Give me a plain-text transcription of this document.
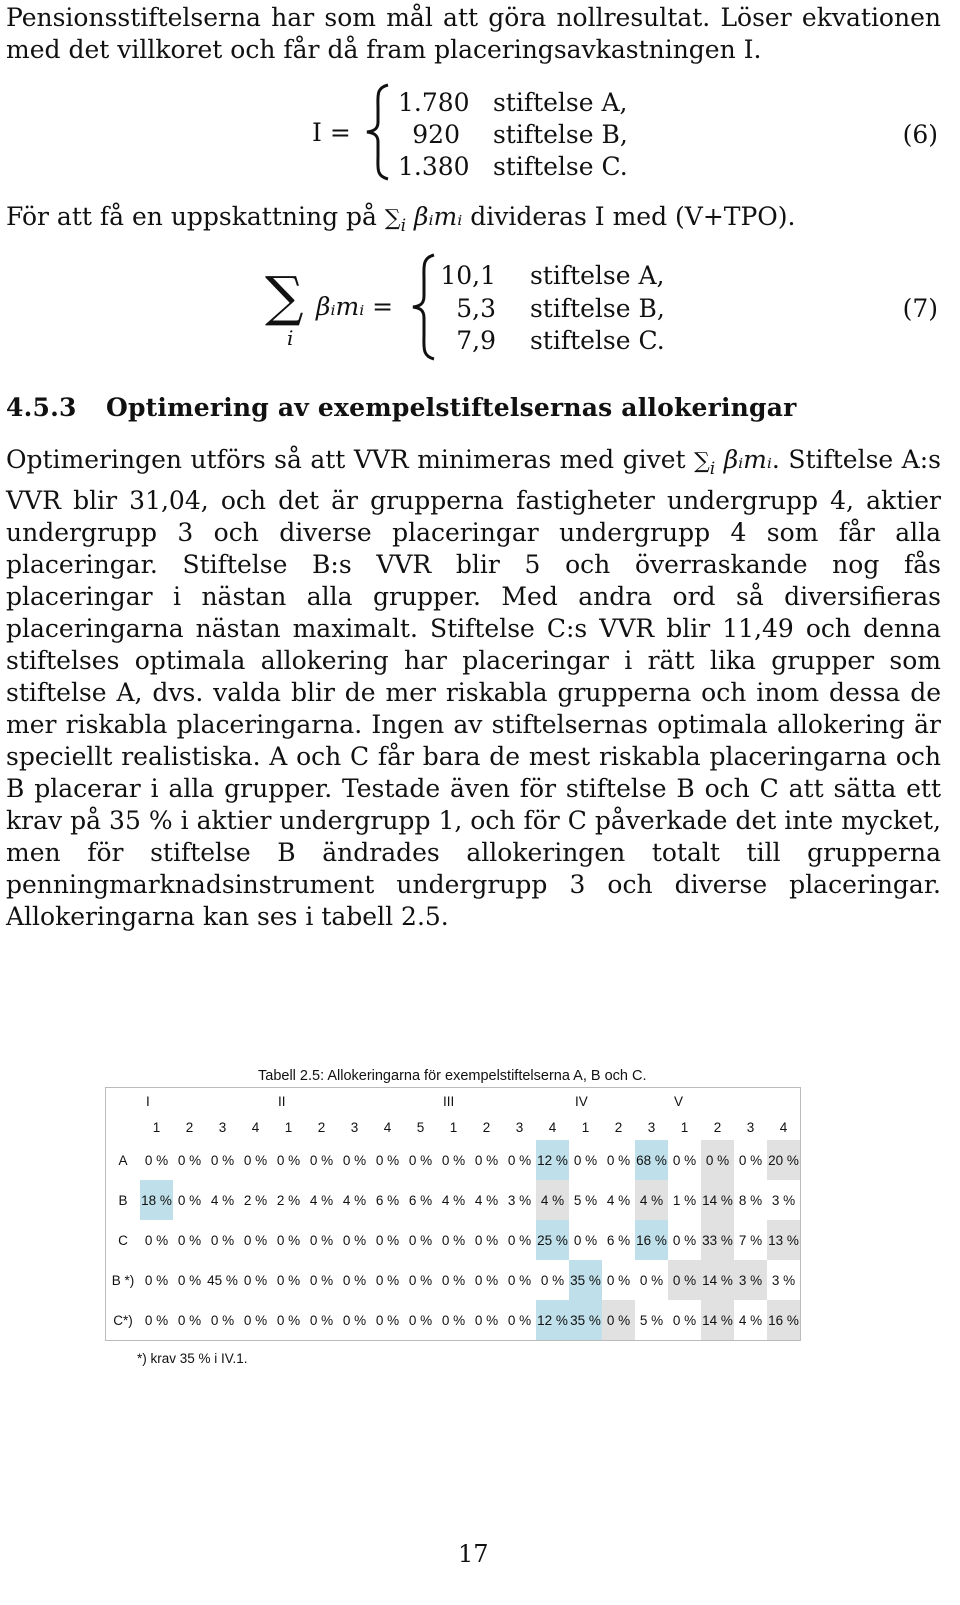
Pensionsstiftelserna har som mål att göra nollresultat. Löser ekvationen med det villkoret och får då fram placeringsavkastningen I.

I =
1.780 stiftelse A,
920 stiftelse B,
1.380 stiftelse C.
(6)

För att få en uppskattning på $\sum_i$ βᵢmᵢ divideras I med (V+TPO).

∑
i
βᵢmᵢ =
10,1 stiftelse A,
5,3 stiftelse B,
7,9 stiftelse C.
(7)
4.5.3 Optimering av exempelstiftelsernas allokeringar

Optimeringen utförs så att VVR minimeras med givet $\sum_i$ βᵢmᵢ. Stiftelse A:s VVR blir 31,04, och det är grupperna fastigheter undergrupp 4, aktier undergrupp 3 och diverse placeringar undergrupp 4 som får alla placeringar. Stiftelse B:s VVR blir 5 och överraskande nog fås placeringar i nästan alla grupper. Med andra ord så diversifieras placeringarna nästan maximalt. Stiftelse C:s VVR blir 11,49 och denna stiftelses optimala allokering har placeringar i rätt lika grupper som stiftelse A, dvs. valda blir de mer riskabla grupperna och inom dessa de mer riskabla placeringarna. Ingen av stiftelsernas optimala allokering är speciellt realistiska. A och C får bara de mest riskabla placeringarna och B placerar i alla grupper. Testade även för stiftelse B och C att sätta ett krav på 35 % i aktier undergrupp 1, och för C påverkade det inte mycket, men för stiftelse B ändrades allokeringen totalt till grupperna penningmarknadsinstrument undergrupp 3 och diverse placeringar. Allokeringarna kan ses i tabell 2.5.

Tabell 2.5: Allokeringarna för exempelstiftelserna A, B och C.
	I				II					III				IV			V			
	1	2	3	4	1	2	3	4	5	1	2	3	4	1	2	3	1	2	3	4
A	0 %	0 %	0 %	0 %	0 %	0 %	0 %	0 %	0 %	0 %	0 %	0 %	12 %	0 %	0 %	68 %	0 %	0 %	0 %	20 %
B	18 %	0 %	4 %	2 %	2 %	4 %	4 %	6 %	6 %	4 %	4 %	3 %	4 %	5 %	4 %	4 %	1 %	14 %	8 %	3 %
C	0 %	0 %	0 %	0 %	0 %	0 %	0 %	0 %	0 %	0 %	0 %	0 %	25 %	0 %	6 %	16 %	0 %	33 %	7 %	13 %
B *)	0 %	0 %	45 %	0 %	0 %	0 %	0 %	0 %	0 %	0 %	0 %	0 %	0 %	35 %	0 %	0 %	0 %	14 %	3 %	3 %
C*)	0 %	0 %	0 %	0 %	0 %	0 %	0 %	0 %	0 %	0 %	0 %	0 %	12 %	35 %	0 %	5 %	0 %	14 %	4 %	16 %
*) krav 35 % i IV.1.
17
